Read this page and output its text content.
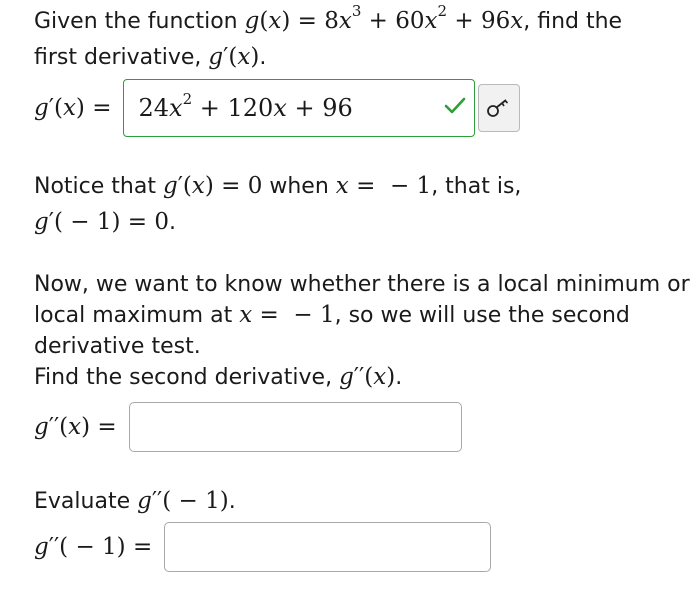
Given the function $g(x) = 8x^3 + 60x^2 + 96x$, find the

first derivative, g′(x).

$g'(x) = 24x^2 + 120x + 96$

Notice that g′(x) = 0 when x =  − 1, that is,

g′( − 1) = 0.

Now, we want to know whether there is a local minimum or

local maximum at x =  − 1, so we will use the second

derivative test.

Find the second derivative, g′′(x).

g′′(x) =

Evaluate g′′( − 1).

g′′( − 1) =
